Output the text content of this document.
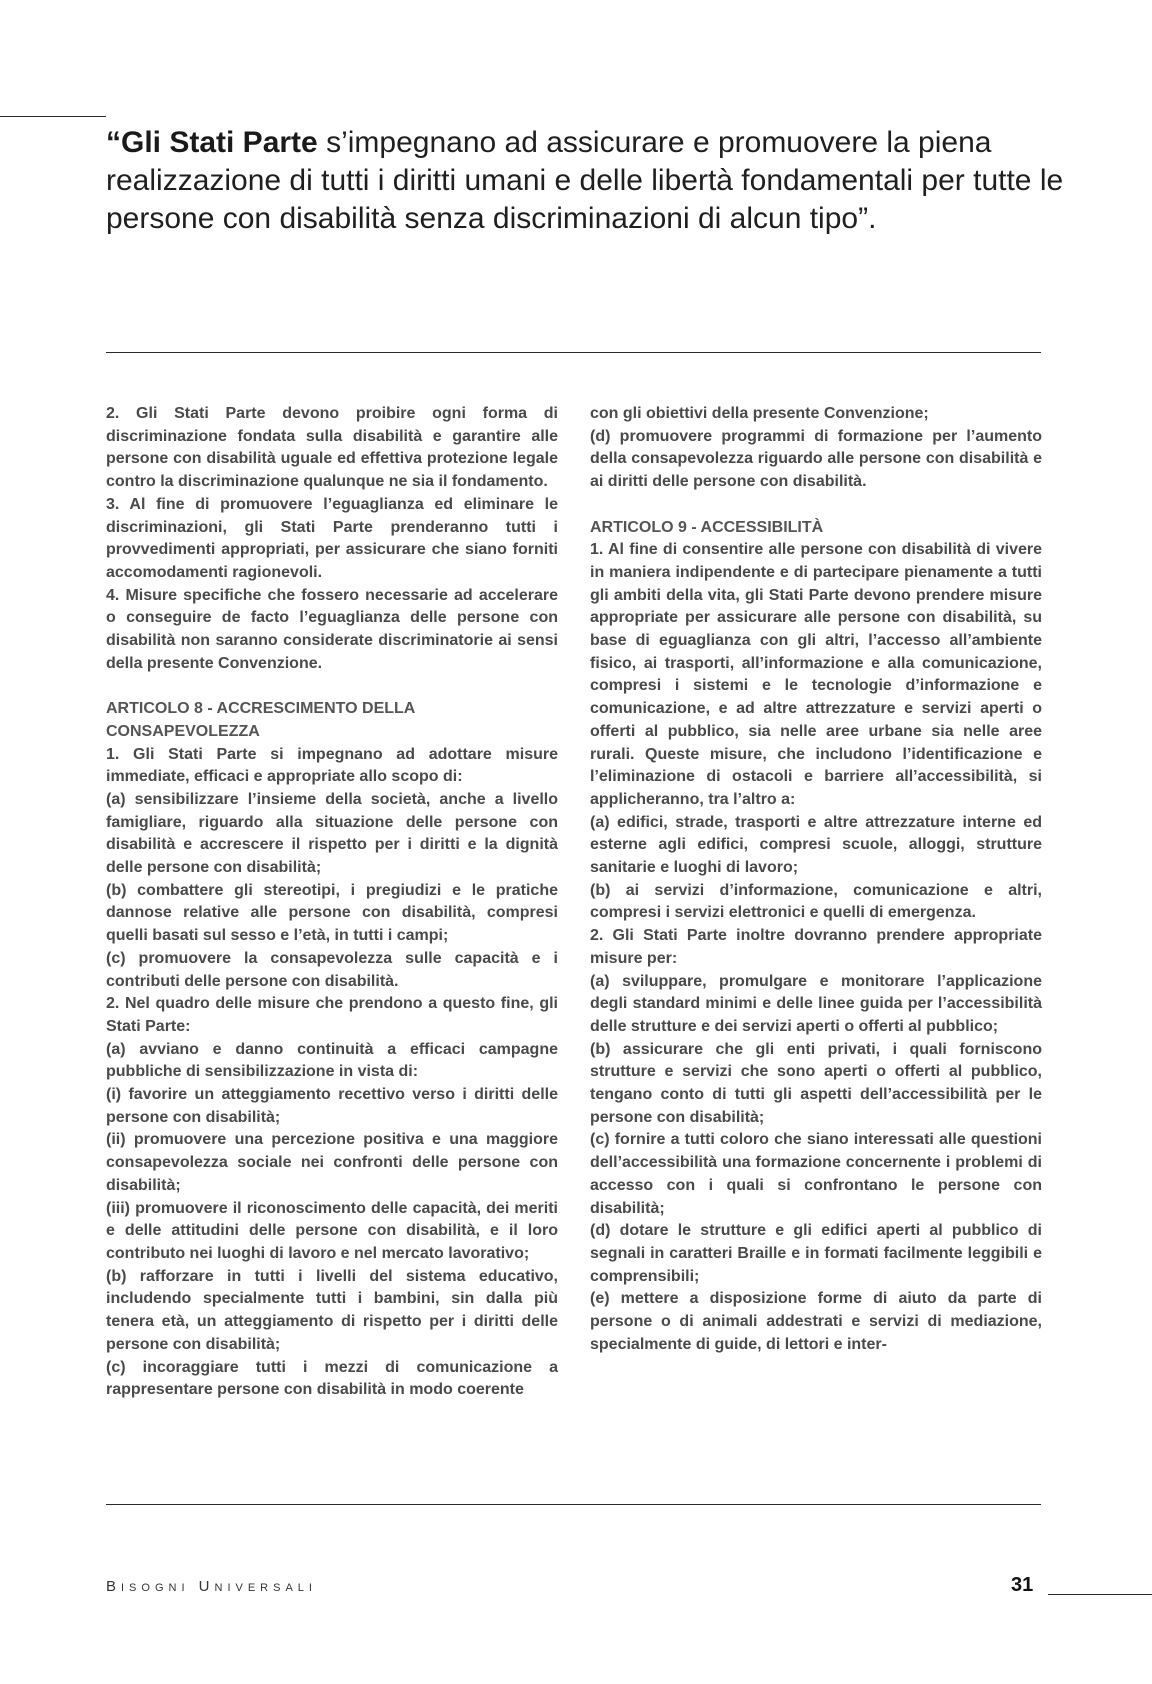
“Gli Stati Parte s’impegnano ad assicurare e promuovere la piena realizzazione di tutti i diritti umani e delle libertà fondamentali per tutte le persone con disabilità senza discriminazioni di alcun tipo”.

2. Gli Stati Parte devono proibire ogni forma di discriminazione fondata sulla disabilità e garantire alle persone con disabilità uguale ed effettiva protezione legale contro la discriminazione qualunque ne sia il fondamento.

3. Al fine di promuovere l’eguaglianza ed eliminare le discriminazioni, gli Stati Parte prenderanno tutti i provvedimenti appropriati, per assicurare che siano forniti accomodamenti ragionevoli.

4. Misure specifiche che fossero necessarie ad accelerare o conseguire de facto l’eguaglianza delle persone con disabilità non saranno considerate discriminatorie ai sensi della presente Convenzione.

ARTICOLO 8 - ACCRESCIMENTO DELLA CONSAPEVOLEZZA

1. Gli Stati Parte si impegnano ad adottare misure immediate, efficaci e appropriate allo scopo di:

(a) sensibilizzare l’insieme della società, anche a livello famigliare, riguardo alla situazione delle persone con disabilità e accrescere il rispetto per i diritti e la dignità delle persone con disabilità;

(b) combattere gli stereotipi, i pregiudizi e le pratiche dannose relative alle persone con disabilità, compresi quelli basati sul sesso e l’età, in tutti i campi;

(c) promuovere la consapevolezza sulle capacità e i contributi delle persone con disabilità.

2. Nel quadro delle misure che prendono a questo fine, gli Stati Parte:

(a) avviano e danno continuità a efficaci campagne pubbliche di sensibilizzazione in vista di:

(i) favorire un atteggiamento recettivo verso i diritti delle persone con disabilità;

(ii) promuovere una percezione positiva e una maggiore consapevolezza sociale nei confronti delle persone con disabilità;

(iii) promuovere il riconoscimento delle capacità, dei meriti e delle attitudini delle persone con disabilità, e il loro contributo nei luoghi di lavoro e nel mercato lavorativo;

(b) rafforzare in tutti i livelli del sistema educativo, includendo specialmente tutti i bambini, sin dalla più tenera età, un atteggiamento di rispetto per i diritti delle persone con disabilità;

(c) incoraggiare tutti i mezzi di comunicazione a rappresentare persone con disabilità in modo coerente

con gli obiettivi della presente Convenzione;

(d) promuovere programmi di formazione per l’aumento della consapevolezza riguardo alle persone con disabilità e ai diritti delle persone con disabilità.

ARTICOLO 9 - ACCESSIBILITÀ

1. Al fine di consentire alle persone con disabilità di vivere in maniera indipendente e di partecipare pienamente a tutti gli ambiti della vita, gli Stati Parte devono prendere misure appropriate per assicurare alle persone con disabilità, su base di eguaglianza con gli altri, l’accesso all’ambiente fisico, ai trasporti, all’informazione e alla comunicazione, compresi i sistemi e le tecnologie d’informazione e comunicazione, e ad altre attrezzature e servizi aperti o offerti al pubblico, sia nelle aree urbane sia nelle aree rurali. Queste misure, che includono l’identificazione e l’eliminazione di ostacoli e barriere all’accessibilità, si applicheranno, tra l’altro a:

(a) edifici, strade, trasporti e altre attrezzature interne ed esterne agli edifici, compresi scuole, alloggi, strutture sanitarie e luoghi di lavoro;

(b) ai servizi d’informazione, comunicazione e altri, compresi i servizi elettronici e quelli di emergenza.

2. Gli Stati Parte inoltre dovranno prendere appropriate misure per:

(a) sviluppare, promulgare e monitorare l’applicazione degli standard minimi e delle linee guida per l’accessibilità delle strutture e dei servizi aperti o offerti al pubblico;

(b) assicurare che gli enti privati, i quali forniscono strutture e servizi che sono aperti o offerti al pubblico, tengano conto di tutti gli aspetti dell’accessibilità per le persone con disabilità;

(c) fornire a tutti coloro che siano interessati alle questioni dell’accessibilità una formazione concernente i problemi di accesso con i quali si confrontano le persone con disabilità;

(d) dotare le strutture e gli edifici aperti al pubblico di segnali in caratteri Braille e in formati facilmente leggibili e comprensibili;

(e) mettere a disposizione forme di aiuto da parte di persone o di animali addestrati e servizi di mediazione, specialmente di guide, di lettori e inter-

Bisogni Universali	31
